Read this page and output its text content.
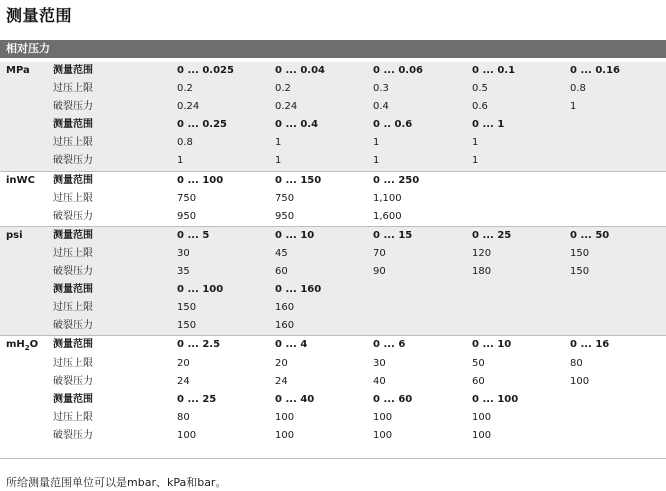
测量范围
相对压力
MPa 测量范围	0 ... 0.025	0 ... 0.04	0 ... 0.06	0 ... 0.1	0 ... 0.16
过压上限	0.2	0.2	0.3	0.5	0.8
破裂压力	0.24	0.24	0.4	0.6	1
测量范围	0 ... 0.25	0 ... 0.4	0 .. 0.6	0 ... 1
过压上限	0.8	1	1	1
破裂压力	1	1	1	1
inWC 测量范围	0 ... 100	0 ... 150	0 ... 250
过压上限	750	750	1,100
破裂压力	950	950	1,600
psi	测量范围	0 ... 5	0 ... 10	0 ... 15	0 ... 25	0 ... 50
过压上限	30	45	70	120	150
破裂压力	35	60	90	180	150
测量范围	0 ... 100	0 ... 160
过压上限	150	160
破裂压力	150	160
$mH_2O$ 测量范围	0 ... 2.5	0 ... 4	0 ... 6	0 ... 10	0 ... 16
过压上限	20	20	30	50	80
破裂压力	24	24	40	60	100
测量范围	0 ... 25	0 ... 40	0 ... 60	0 ... 100
过压上限	80	100	100	100
破裂压力	100	100	100	100
所给测量范围单位可以是mbar、kPa和bar。
